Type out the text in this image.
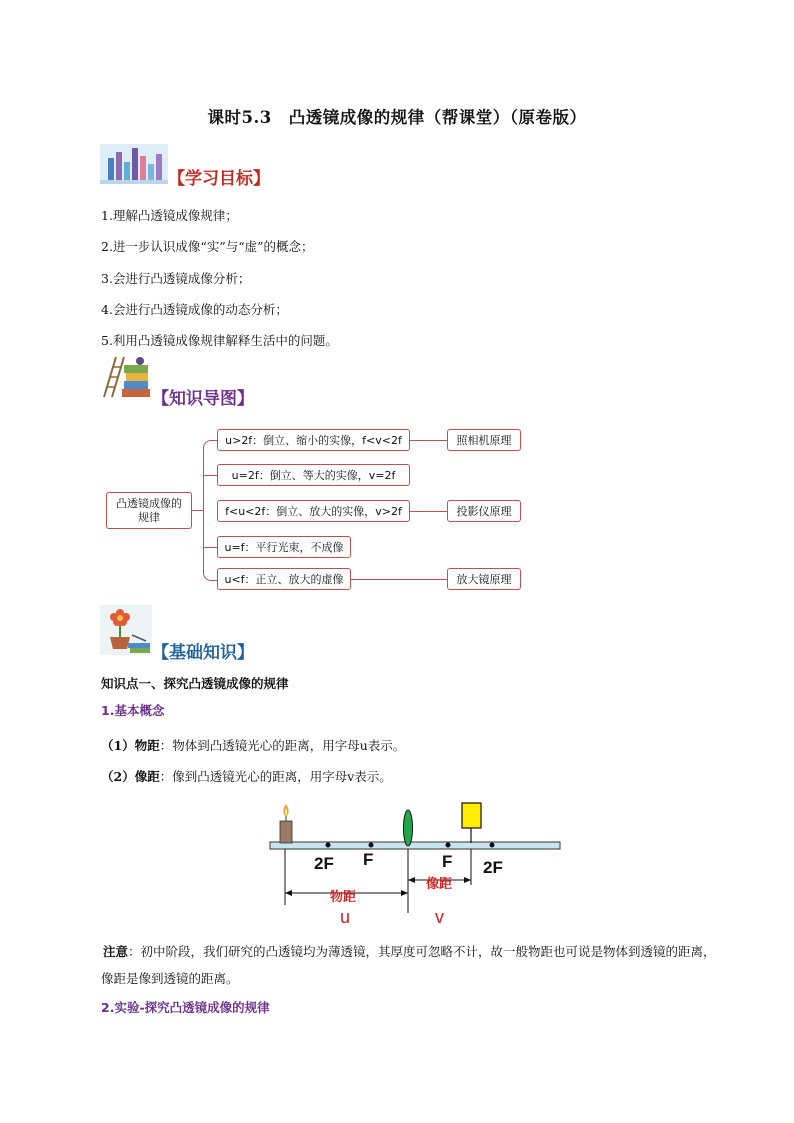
课时5.3　凸透镜成像的规律（帮课堂）（原卷版）
【学习目标】
1.理解凸透镜成像规律；
2.进一步认识成像“实”与“虚”的概念；
3.会进行凸透镜成像分析；
4.会进行凸透镜成像的动态分析；
5.利用凸透镜成像规律解释生活中的问题。
【知识导图】
凸透镜成像的规律
u>2f：倒立、缩小的实像，f<v<2f
u=2f：倒立、等大的实像，v=2f
f<u<2f：倒立、放大的实像，v>2f
u=f：平行光束，不成像
u<f：正立、放大的虚像
照相机原理
投影仪原理
放大镜原理
【基础知识】
知识点一、探究凸透镜成像的规律
1.基本概念
（1）物距：物体到凸透镜光心的距离，用字母u表示。
（2）像距：像到凸透镜光心的距离，用字母v表示。
2F F	F 2F
物距
像距
u	v
注意：初中阶段，我们研究的凸透镜均为薄透镜，其厚度可忽略不计，故一般物距也可说是物体到透镜的距离，像距是像到透镜的距离。
2.实验-探究凸透镜成像的规律
